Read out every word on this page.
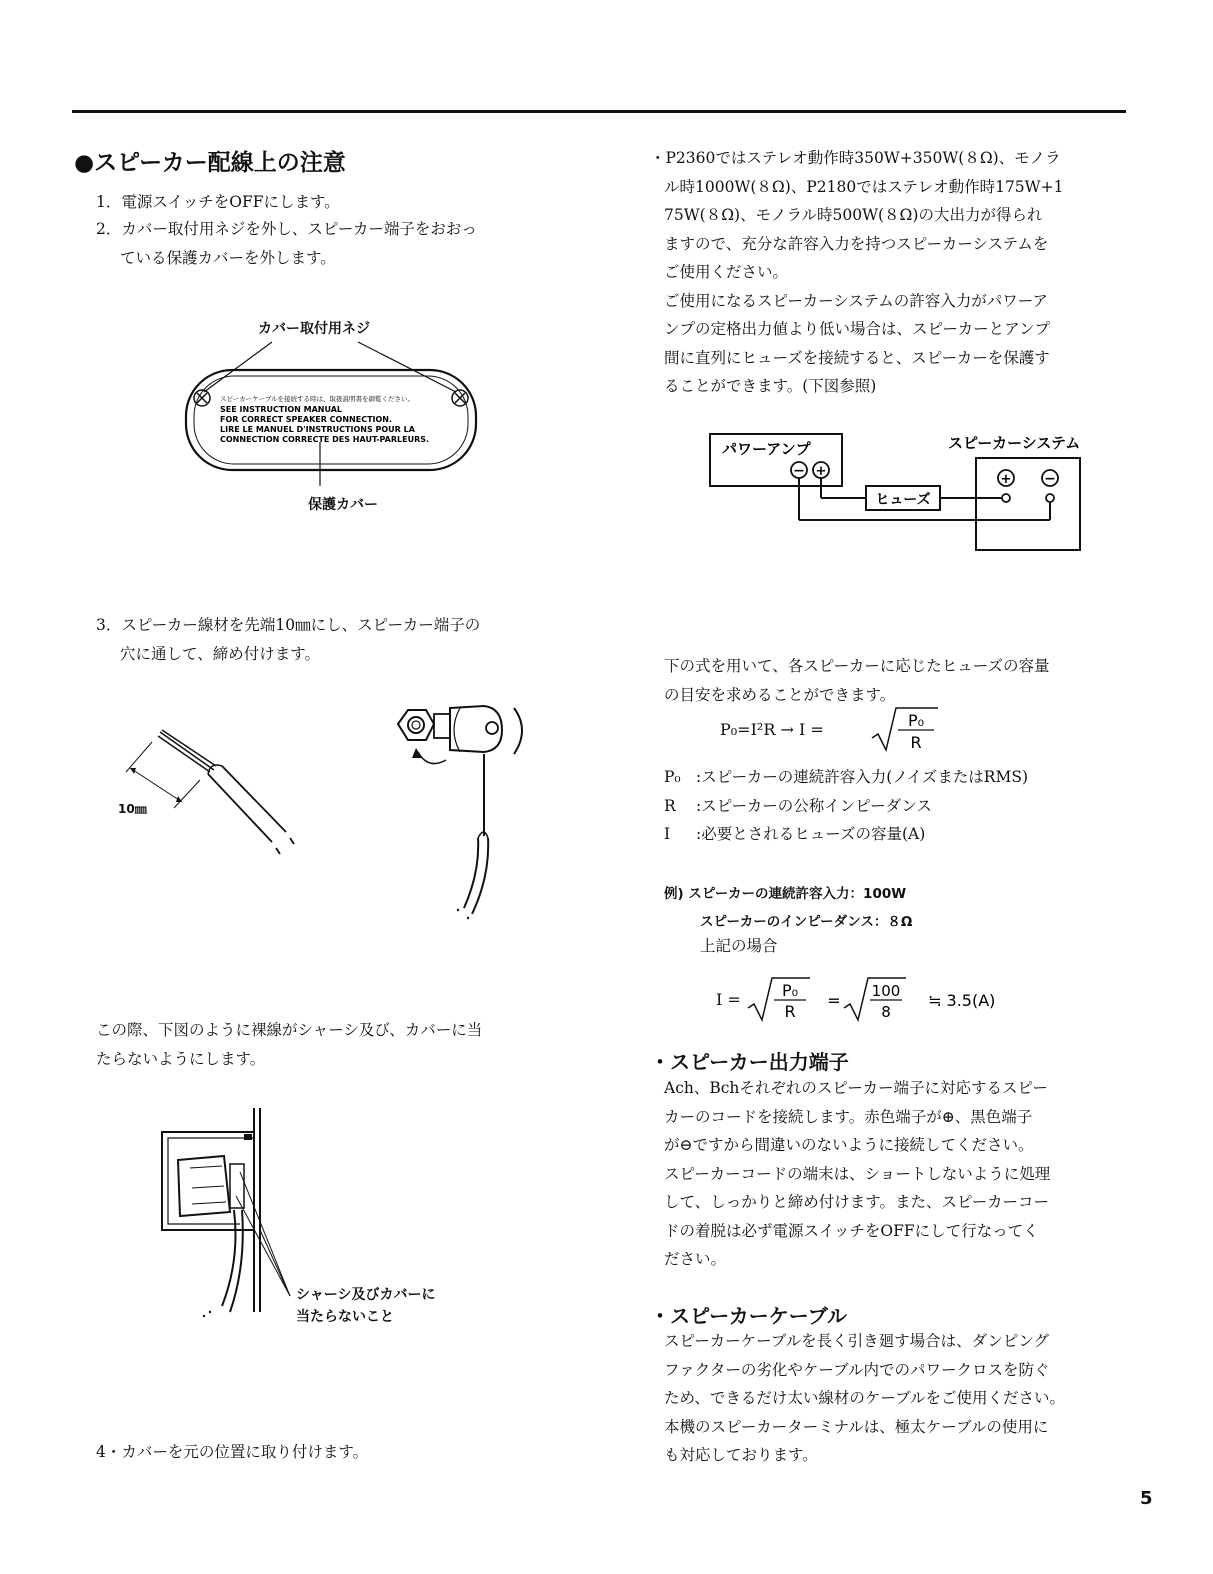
●スピーカー配線上の注意
1．電源スイッチをOFFにします。
2．カバー取付用ネジを外し、スピーカー端子をおおっ
ている保護カバーを外します。
カバー取付用ネジ
スピーカーケーブルを接続する時は、取扱説明書を御覧ください。
SEE INSTRUCTION MANUAL
FOR CORRECT SPEAKER CONNECTION.
LIRE LE MANUEL D'INSTRUCTIONS POUR LA
CONNECTION CORRECTE DES HAUT-PARLEURS.
保護カバー
3．スピーカー線材を先端10㎜にし、スピーカー端子の
穴に通して、締め付けます。
10㎜
この際、下図のように裸線がシャーシ及び、カバーに当
たらないようにします。
シャーシ及びカバーに
当たらないこと
4・カバーを元の位置に取り付けます。
・P2360ではステレオ動作時350W+350W(８Ω)、モノラ
ル時1000W(８Ω)、P2180ではステレオ動作時175W+1
75W(８Ω)、モノラル時500W(８Ω)の大出力が得られ
ますので、充分な許容入力を持つスピーカーシステムを
ご使用ください。
ご使用になるスピーカーシステムの許容入力がパワーア
ンプの定格出力値より低い場合は、スピーカーとアンプ
間に直列にヒューズを接続すると、スピーカーを保護す
ることができます。(下図参照)
パワーアンプ
− +
スピーカーシステム
+ −
ヒューズ
下の式を用いて、各スピーカーに応じたヒューズの容量
の目安を求めることができます。
P₀=I²R → I =	P₀
R
P₀ :スピーカーの連続許容入力(ノイズまたはRMS)
R :スピーカーの公称インピーダンス
I :必要とされるヒューズの容量(A)
例) スピーカーの連続許容入力：100W
スピーカーのインピーダンス：８Ω
上記の場合
I =	P₀
R
= 100
8
≒ 3.5(A)
・スピーカー出力端子
Ach、Bchそれぞれのスピーカー端子に対応するスピー
カーのコードを接続します。赤色端子が⊕、黒色端子
が⊖ですから間違いのないように接続してください。
スピーカーコードの端末は、ショートしないように処理
して、しっかりと締め付けます。また、スピーカーコー
ドの着脱は必ず電源スイッチをOFFにして行なってく
ださい。
・スピーカーケーブル
スピーカーケーブルを長く引き廻す場合は、ダンピング
ファクターの劣化やケーブル内でのパワークロスを防ぐ
ため、できるだけ太い線材のケーブルをご使用ください。
本機のスピーカーターミナルは、極太ケーブルの使用に
も対応しております。
5
